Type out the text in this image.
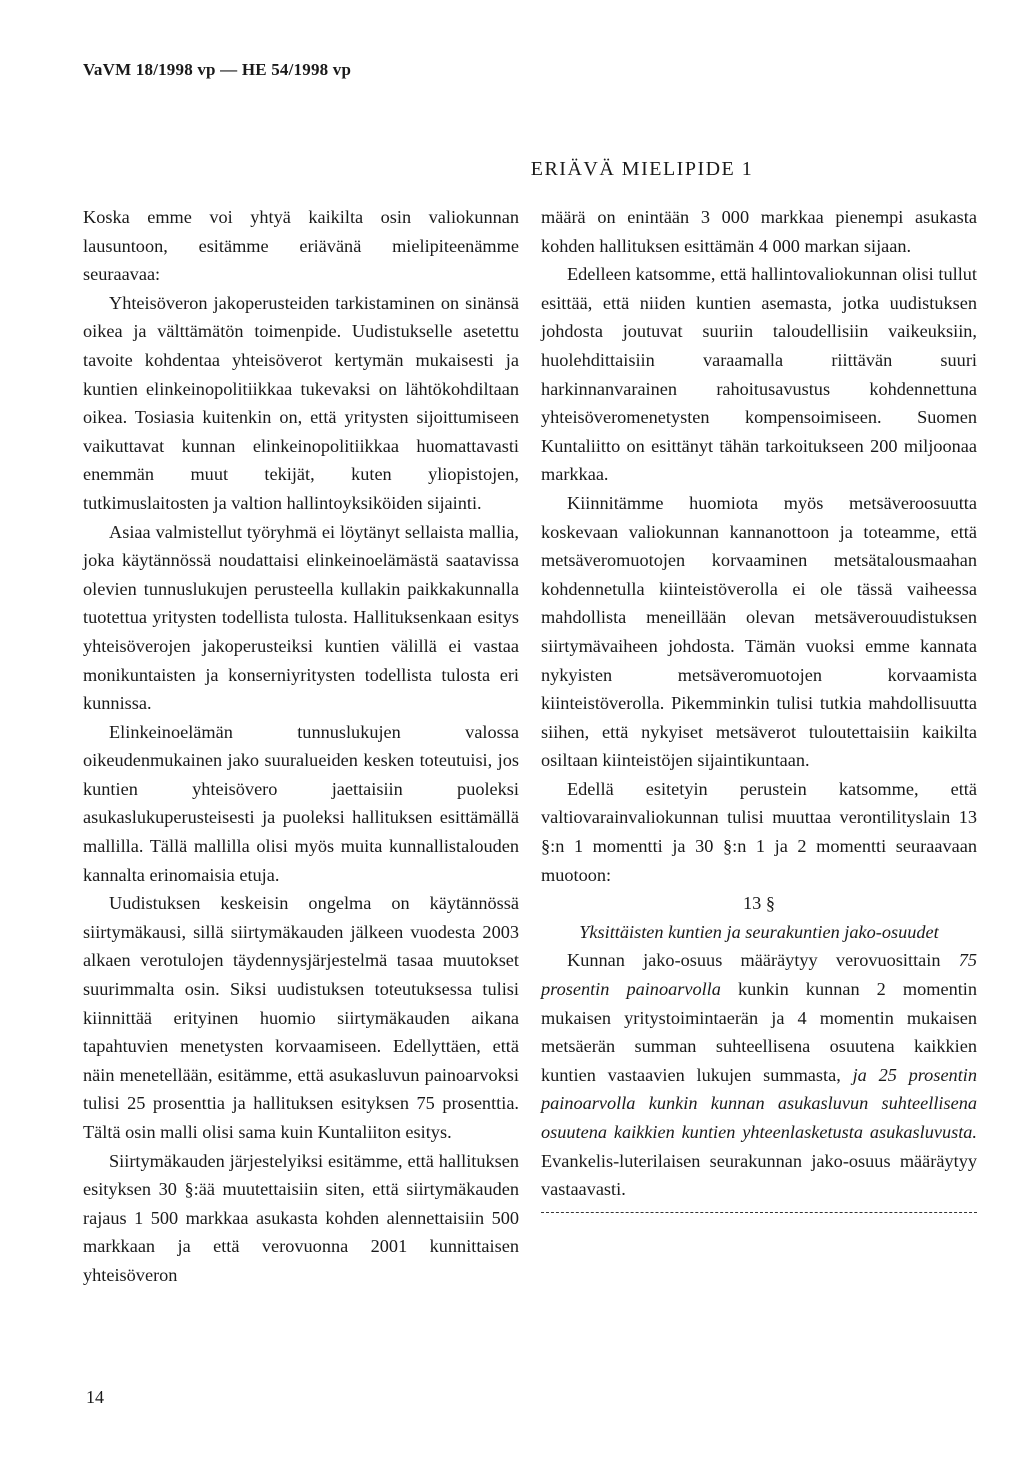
VaVM 18/1998 vp — HE 54/1998 vp
ERIÄVÄ MIELIPIDE 1

Koska emme voi yhtyä kaikilta osin valiokunnan lausuntoon, esitämme eriävänä mielipiteenämme seuraavaa:

Yhteisöveron jakoperusteiden tarkistaminen on sinänsä oikea ja välttämätön toimenpide. Uudistukselle asetettu tavoite kohdentaa yhteisöverot kertymän mukaisesti ja kuntien elinkeinopolitiikkaa tukevaksi on lähtökohdiltaan oikea. Tosiasia kuitenkin on, että yritysten sijoittumiseen vaikuttavat kunnan elinkeinopolitiikkaa huomattavasti enemmän muut tekijät, kuten yliopistojen, tutkimuslaitosten ja valtion hallintoyksiköiden sijainti.

Asiaa valmistellut työryhmä ei löytänyt sellaista mallia, joka käytännössä noudattaisi elinkeinoelämästä saatavissa olevien tunnuslukujen perusteella kullakin paikkakunnalla tuotettua yritysten todellista tulosta. Hallituksenkaan esitys yhteisöverojen jakoperusteiksi kuntien välillä ei vastaa monikuntaisten ja konserniyritysten todellista tulosta eri kunnissa.

Elinkeinoelämän tunnuslukujen valossa oikeudenmukainen jako suuralueiden kesken toteutuisi, jos kuntien yhteisövero jaettaisiin puoleksi asukaslukuperusteisesti ja puoleksi hallituksen esittämällä mallilla. Tällä mallilla olisi myös muita kunnallistalouden kannalta erinomaisia etuja.

Uudistuksen keskeisin ongelma on käytännössä siirtymäkausi, sillä siirtymäkauden jälkeen vuodesta 2003 alkaen verotulojen täydennysjärjestelmä tasaa muutokset suurimmalta osin. Siksi uudistuksen toteutuksessa tulisi kiinnittää erityinen huomio siirtymäkauden aikana tapahtuvien menetysten korvaamiseen. Edellyttäen, että näin menetellään, esitämme, että asukasluvun painoarvoksi tulisi 25 prosenttia ja hallituksen esityksen 75 prosenttia. Tältä osin malli olisi sama kuin Kuntaliiton esitys.

Siirtymäkauden järjestelyiksi esitämme, että hallituksen esityksen 30 §:ää muutettaisiin siten, että siirtymäkauden rajaus 1 500 markkaa asukasta kohden alennettaisiin 500 markkaan ja että verovuonna 2001 kunnittaisen yhteisöveron

määrä on enintään 3 000 markkaa pienempi asukasta kohden hallituksen esittämän 4 000 markan sijaan.

Edelleen katsomme, että hallintovaliokunnan olisi tullut esittää, että niiden kuntien asemasta, jotka uudistuksen johdosta joutuvat suuriin taloudellisiin vaikeuksiin, huolehdittaisiin varaamalla riittävän suuri harkinnanvarainen rahoitusavustus kohdennettuna yhteisöveromenetysten kompensoimiseen. Suomen Kuntaliitto on esittänyt tähän tarkoitukseen 200 miljoonaa markkaa.

Kiinnitämme huomiota myös metsäveroosuutta koskevaan valiokunnan kannanottoon ja toteamme, että metsäveromuotojen korvaaminen metsätalousmaahan kohdennetulla kiinteistöverolla ei ole tässä vaiheessa mahdollista meneillään olevan metsäverouudistuksen siirtymävaiheen johdosta. Tämän vuoksi emme kannata nykyisten metsäveromuotojen korvaamista kiinteistöverolla. Pikemminkin tulisi tutkia mahdollisuutta siihen, että nykyiset metsäverot tuloutettaisiin kaikilta osiltaan kiinteistöjen sijaintikuntaan.

Edellä esitetyin perustein katsomme, että valtiovarainvaliokunnan tulisi muuttaa verontilityslain 13 §:n 1 momentti ja 30 §:n 1 ja 2 momentti seuraavaan muotoon:

13 §

Yksittäisten kuntien ja seurakuntien jako-osuudet

Kunnan jako-osuus määräytyy verovuosittain 75 prosentin painoarvolla kunkin kunnan 2 momentin mukaisen yritystoimintaerän ja 4 momentin mukaisen metsäerän summan suhteellisena osuutena kaikkien kuntien vastaavien lukujen summasta, ja 25 prosentin painoarvolla kunkin kunnan asukasluvun suhteellisena osuutena kaikkien kuntien yhteenlasketusta asukasluvusta. Evankelis-luterilaisen seurakunnan jako-osuus määräytyy vastaavasti.

14
